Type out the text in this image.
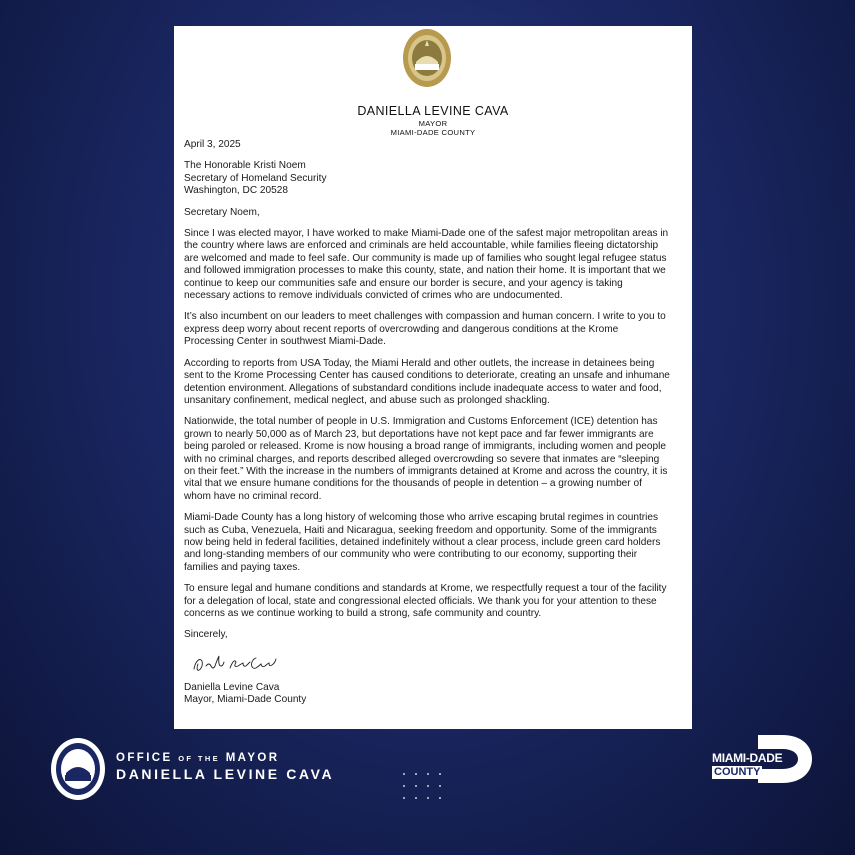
DANIELLA LEVINE CAVA
MAYOR
MIAMI-DADE COUNTY

April 3, 2025

The Honorable Kristi Noem
Secretary of Homeland Security
Washington, DC 20528

Secretary Noem,

Since I was elected mayor, I have worked to make Miami-Dade one of the safest major metropolitan areas in the country where laws are enforced and criminals are held accountable, while families fleeing dictatorship are welcomed and made to feel safe. Our community is made up of families who sought legal refugee status and followed immigration processes to make this county, state, and nation their home. It is important that we continue to keep our communities safe and ensure our border is secure, and your agency is taking necessary actions to remove individuals convicted of crimes who are undocumented.

It’s also incumbent on our leaders to meet challenges with compassion and human concern. I write to you to express deep worry about recent reports of overcrowding and dangerous conditions at the Krome Processing Center in southwest Miami-Dade.

According to reports from USA Today, the Miami Herald and other outlets, the increase in detainees being sent to the Krome Processing Center has caused conditions to deteriorate, creating an unsafe and inhumane detention environment. Allegations of substandard conditions include inadequate access to water and food, unsanitary confinement, medical neglect, and abuse such as prolonged shackling.

Nationwide, the total number of people in U.S. Immigration and Customs Enforcement (ICE) detention has grown to nearly 50,000 as of March 23, but deportations have not kept pace and far fewer immigrants are being paroled or released. Krome is now housing a broad range of immigrants, including women and people with no criminal charges, and reports described alleged overcrowding so severe that inmates are “sleeping on their feet.” With the increase in the numbers of immigrants detained at Krome and across the country, it is vital that we ensure humane conditions for the thousands of people in detention – a growing number of whom have no criminal record.

Miami-Dade County has a long history of welcoming those who arrive escaping brutal regimes in countries such as Cuba, Venezuela, Haiti and Nicaragua, seeking freedom and opportunity. Some of the immigrants now being held in federal facilities, detained indefinitely without a clear process, include green card holders and long-standing members of our community who were contributing to our economy, supporting their families and paying taxes.

To ensure legal and humane conditions and standards at Krome, we respectfully request a tour of the facility for a delegation of local, state and congressional elected officials. We thank you for your attention to these concerns as we continue working to build a strong, safe community and country.

Sincerely,

Daniella Levine Cava
Mayor, Miami-Dade County
OFFICE OF THE MAYOR
DANIELLA LEVINE CAVA
MIAMI-DADE
COUNTY
